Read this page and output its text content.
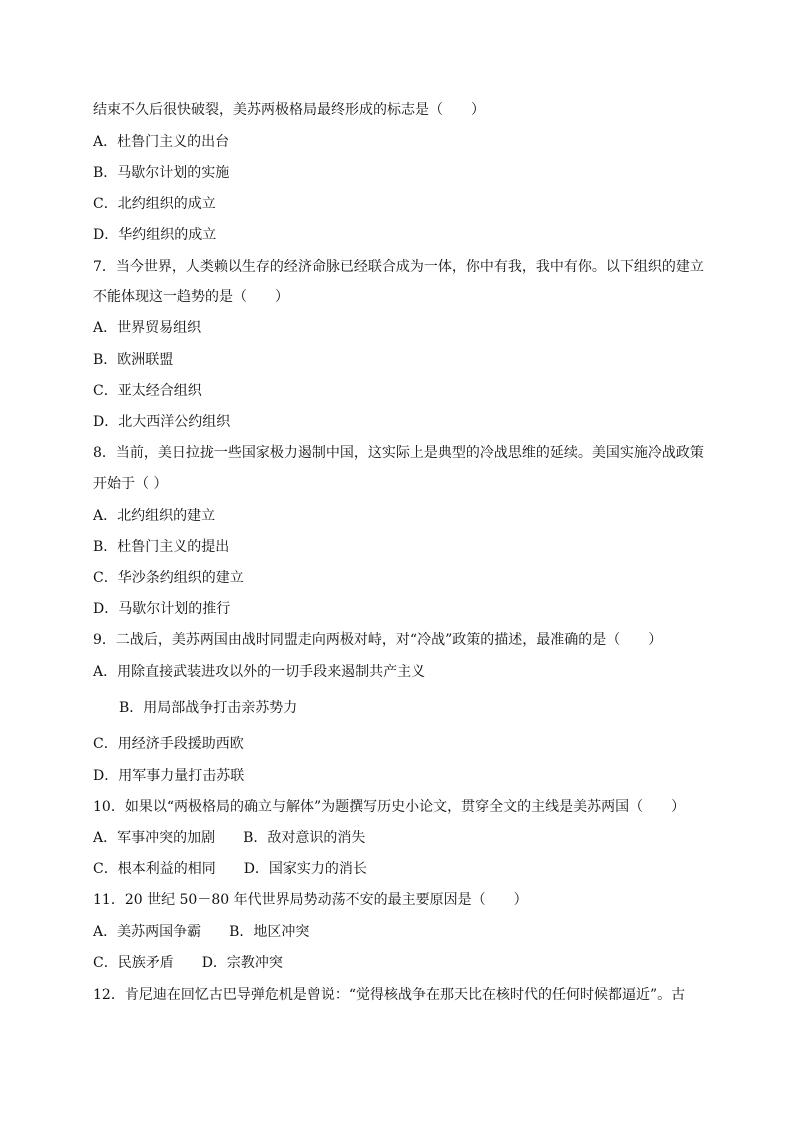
结束不久后很快破裂，美苏两极格局最终形成的标志是（　　）
A．杜鲁门主义的出台
B．马歇尔计划的实施
C．北约组织的成立
D．华约组织的成立
7．当今世界，人类赖以生存的经济命脉已经联合成为一体，你中有我，我中有你。以下组织的建立
不能体现这一趋势的是（　　）
A．世界贸易组织
B．欧洲联盟
C．亚太经合组织
D．北大西洋公约组织
8．当前，美日拉拢一些国家极力遏制中国，这实际上是典型的冷战思维的延续。美国实施冷战政策
开始于（ ）
A．北约组织的建立
B．杜鲁门主义的提出
C．华沙条约组织的建立
D．马歇尔计划的推行
9．二战后，美苏两国由战时同盟走向两极对峙，对“冷战”政策的描述，最准确的是（　　）
A．用除直接武装进攻以外的一切手段来遏制共产主义
B．用局部战争打击亲苏势力
C．用经济手段援助西欧
D．用军事力量打击苏联
10．如果以“两极格局的确立与解体”为题撰写历史小论文，贯穿全文的主线是美苏两国（　　）
A．军事冲突的加剧　　B．敌对意识的消失
C．根本利益的相同　　D．国家实力的消长
11．20 世纪 50－80 年代世界局势动荡不安的最主要原因是（　　）
A．美苏两国争霸　　B．地区冲突
C．民族矛盾　　D．宗教冲突
12．肯尼迪在回忆古巴导弹危机是曾说：“觉得核战争在那天比在核时代的任何时候都逼近”。古
